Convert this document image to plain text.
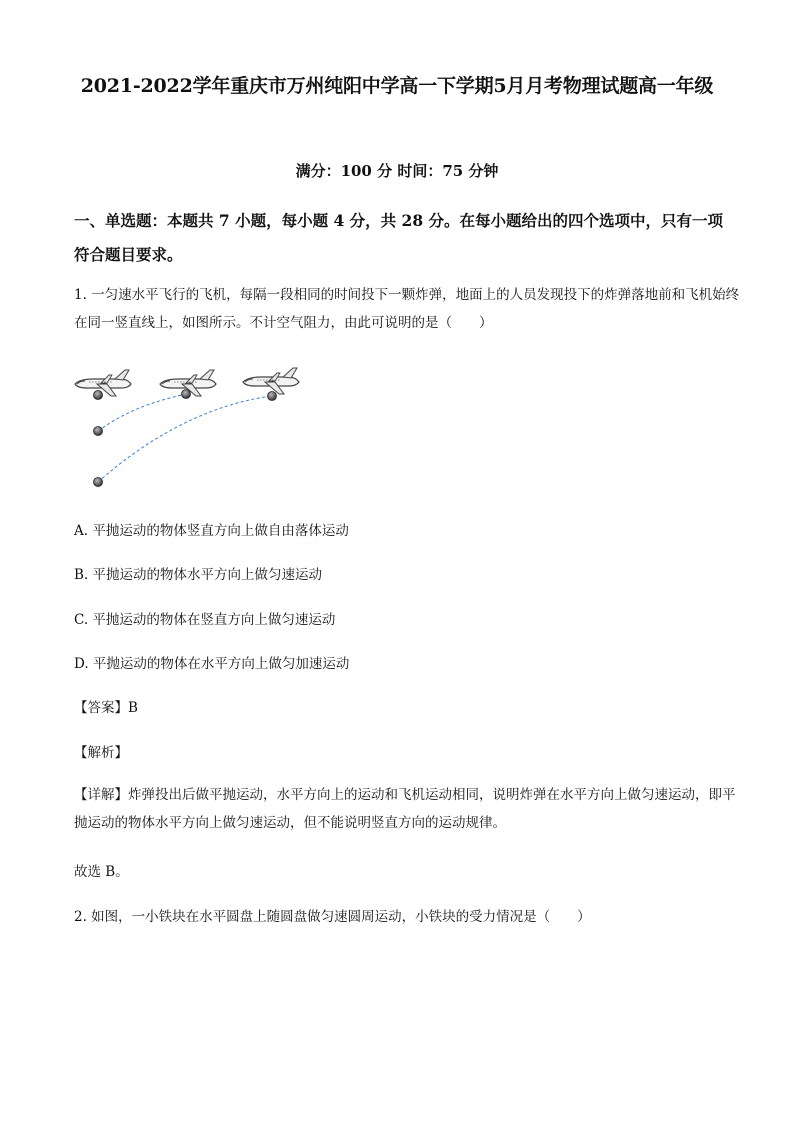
2021-2022学年重庆市万州纯阳中学高一下学期5月月考物理试题高一年级
满分：100 分 时间：75 分钟
一、单选题：本题共 7 小题，每小题 4 分，共 28 分。在每小题给出的四个选项中，只有一项符合题目要求。
1. 一匀速水平飞行的飞机，每隔一段相同的时间投下一颗炸弹，地面上的人员发现投下的炸弹落地前和飞机始终在同一竖直线上，如图所示。不计空气阻力，由此可说明的是（　　）
A. 平抛运动的物体竖直方向上做自由落体运动
B. 平抛运动的物体水平方向上做匀速运动
C. 平抛运动的物体在竖直方向上做匀速运动
D. 平抛运动的物体在水平方向上做匀加速运动
【答案】B
【解析】
【详解】炸弹投出后做平抛运动，水平方向上的运动和飞机运动相同，说明炸弹在水平方向上做匀速运动，即平抛运动的物体水平方向上做匀速运动，但不能说明竖直方向的运动规律。
故选 B。
2. 如图，一小铁块在水平圆盘上随圆盘做匀速圆周运动，小铁块的受力情况是（　　）
